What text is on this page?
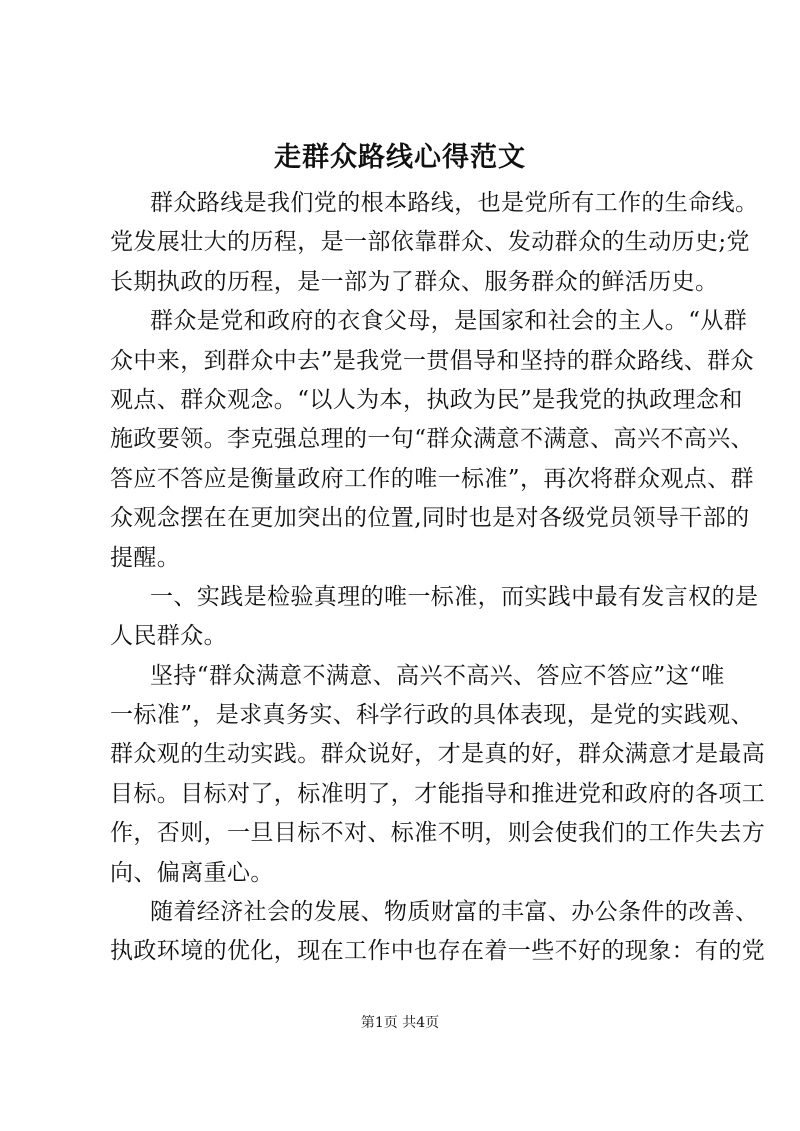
走群众路线心得范文
群众路线是我们党的根本路线，也是党所有工作的生命线。
党发展壮大的历程，是一部依靠群众、发动群众的生动历史;党
长期执政的历程，是一部为了群众、服务群众的鲜活历史。
群众是党和政府的衣食父母，是国家和社会的主人。“从群
众中来，到群众中去”是我党一贯倡导和坚持的群众路线、群众
观点、群众观念。“以人为本，执政为民”是我党的执政理念和
施政要领。李克强总理的一句“群众满意不满意、高兴不高兴、
答应不答应是衡量政府工作的唯一标准”，再次将群众观点、群
众观念摆在在更加突出的位置,同时也是对各级党员领导干部的
提醒。
一、实践是检验真理的唯一标准，而实践中最有发言权的是
人民群众。
坚持“群众满意不满意、高兴不高兴、答应不答应”这“唯
一标准”，是求真务实、科学行政的具体表现，是党的实践观、
群众观的生动实践。群众说好，才是真的好，群众满意才是最高
目标。目标对了，标准明了，才能指导和推进党和政府的各项工
作，否则，一旦目标不对、标准不明，则会使我们的工作失去方
向、偏离重心。
随着经济社会的发展、物质财富的丰富、办公条件的改善、
执政环境的优化，现在工作中也存在着一些不好的现象：有的党
第1页 共4页
